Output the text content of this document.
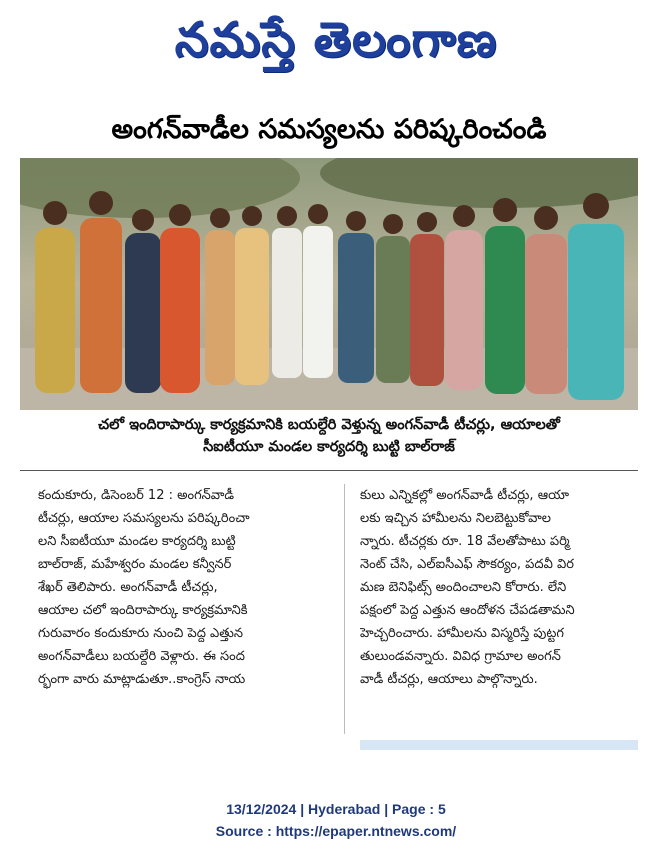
నమస్తే తెలంగాణ
అంగన్‌వాడీల సమస్యలను పరిష్కరించండి
చలో ఇందిరాపార్కు కార్యక్రమానికి బయల్దేరి వెళ్తున్న అంగన్‌వాడీ టీచర్లు, ఆయాలతో
సీఐటీయూ మండల కార్యదర్శి బుట్టి బాల్‌రాజ్
కందుకూరు, డిసెంబర్ 12 : అంగన్‌వాడీ
టీచర్లు, ఆయాల సమస్యలను పరిష్కరించా
లని సీఐటీయూ మండల కార్యదర్శి బుట్టి
బాల్‌రాజ్, మహేశ్వరం మండల కన్వీనర్
శేఖర్ తెలిపారు. అంగన్‌వాడీ టీచర్లు,
ఆయాల చలో ఇందిరాపార్కు కార్యక్రమానికి
గురువారం కందుకూరు నుంచి పెద్ద ఎత్తున
అంగన్‌వాడీలు బయల్దేరి వెళ్లారు. ఈ సంద
ర్భంగా వారు మాట్లాడుతూ..కాంగ్రెస్ నాయ
కులు ఎన్నికల్లో అంగన్‌వాడీ టీచర్లు, ఆయా
లకు ఇచ్చిన హామీలను నిలబెట్టుకోవాల
న్నారు. టీచర్లకు రూ. 18 వేలతోపాటు పర్మి
నెంట్ చేసి, ఎల్ఐసీఎఫ్ సౌకర్యం, పదవీ విర
మణ బెనిఫిట్స్ అందించాలని కోరారు. లేని
పక్షంలో పెద్ద ఎత్తున ఆందోళన చేపడతామని
హెచ్చరించారు. హామీలను విస్మరిస్తే పుట్టగ
తులుండవన్నారు. వివిధ గ్రామాల అంగన్
వాడీ టీచర్లు, ఆయాలు పాల్గొన్నారు.
13/12/2024 | Hyderabad | Page : 5
Source : https://epaper.ntnews.com/
